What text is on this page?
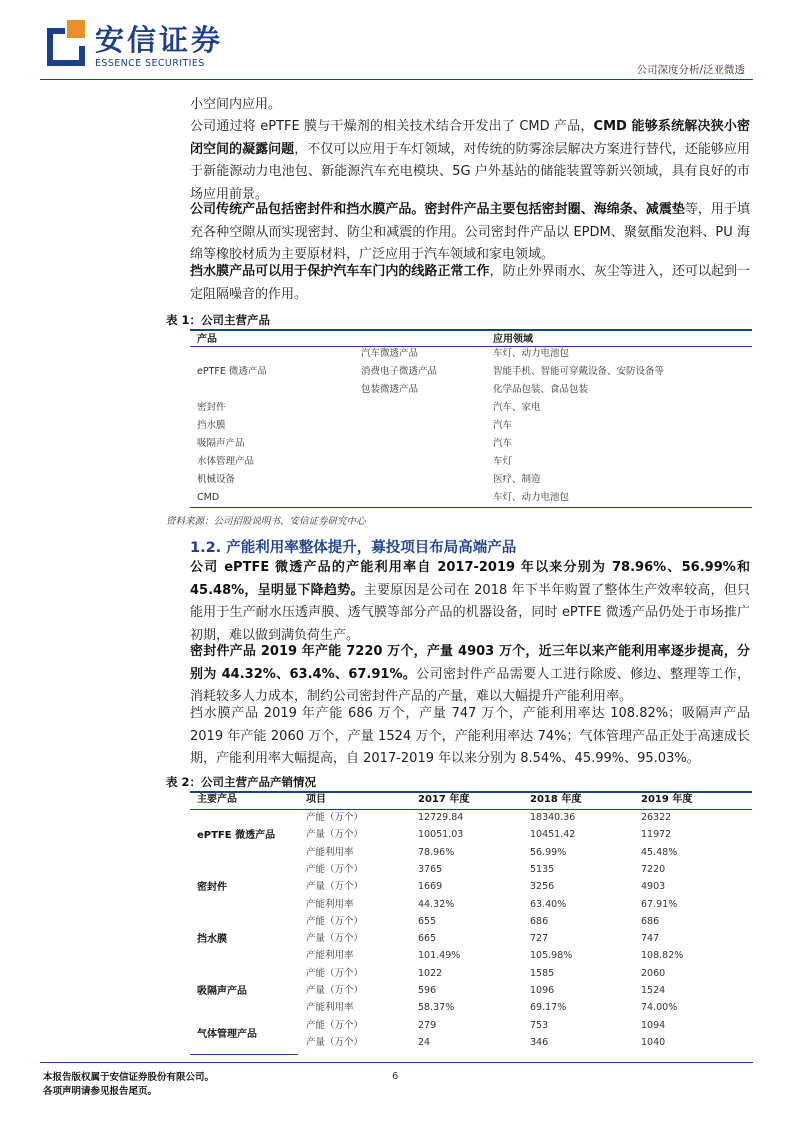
安信证券
ESSENCE SECURITIES
公司深度分析/泛亚微透
小空间内应用。
公司通过将 ePTFE 膜与干燥剂的相关技术结合开发出了 CMD 产品，CMD 能够系统解决狭小密闭空间的凝露问题，不仅可以应用于车灯领域，对传统的防雾涂层解决方案进行替代，还能够应用于新能源动力电池包、新能源汽车充电模块、5G 户外基站的储能装置等新兴领域，具有良好的市场应用前景。
公司传统产品包括密封件和挡水膜产品。密封件产品主要包括密封圈、海绵条、减震垫等，用于填充各种空隙从而实现密封、防尘和减震的作用。公司密封件产品以 EPDM、聚氨酯发泡料、PU 海绵等橡胶材质为主要原材料，广泛应用于汽车领域和家电领域。
挡水膜产品可以用于保护汽车车门内的线路正常工作，防止外界雨水、灰尘等进入，还可以起到一定阻隔噪音的作用。
表 1：公司主营产品
产品	应用领域
ePTFE 微透产品
汽车微透产品	车灯、动力电池包
消费电子微透产品	智能手机、智能可穿戴设备、安防设备等
包装微透产品	化学品包装、食品包装
密封件	汽车、家电
挡水膜	汽车
吸隔声产品	汽车
水体管理产品	车灯
机械设备	医疗、制造
CMD	车灯、动力电池包
资料来源：公司招股说明书、安信证券研究中心
1.2. 产能利用率整体提升，募投项目布局高端产品
公司 ePTFE 微透产品的产能利用率自 2017-2019 年以来分别为 78.96%、56.99%和 45.48%，呈明显下降趋势。主要原因是公司在 2018 年下半年购置了整体生产效率较高，但只能用于生产耐水压透声膜、透气膜等部分产品的机器设备，同时 ePTFE 微透产品仍处于市场推广初期，难以做到满负荷生产。
密封件产品 2019 年产能 7220 万个，产量 4903 万个，近三年以来产能利用率逐步提高，分别为 44.32%、63.4%、67.91%。公司密封件产品需要人工进行除废、修边、整理等工作，消耗较多人力成本，制约公司密封件产品的产量，难以大幅提升产能利用率。
挡水膜产品 2019 年产能 686 万个，产量 747 万个，产能利用率达 108.82%；吸隔声产品 2019 年产能 2060 万个，产量 1524 万个，产能利用率达 74%；气体管理产品正处于高速成长期，产能利用率大幅提高，自 2017-2019 年以来分别为 8.54%、45.99%、95.03%。
表 2：公司主营产品产销情况
主要产品	项目	2017 年度	2018 年度	2019 年度
ePTFE 微透产品
产能（万个）	12729.84	18340.36	26322
产量（万个）	10051.03	10451.42	11972
产能利用率	78.96%	56.99%	45.48%
密封件
产能（万个）	3765	5135	7220
产量（万个）	1669	3256	4903
产能利用率	44.32%	63.40%	67.91%
挡水膜
产能（万个）	655	686	686
产量（万个）	665	727	747
产能利用率	101.49%	105.98%	108.82%
吸隔声产品
产能（万个）	1022	1585	2060
产量（万个）	596	1096	1524
产能利用率	58.37%	69.17%	74.00%
气体管理产品
产能（万个）	279	753	1094
产量（万个）	24	346	1040
本报告版权属于安信证券股份有限公司。
各项声明请参见报告尾页。
6
